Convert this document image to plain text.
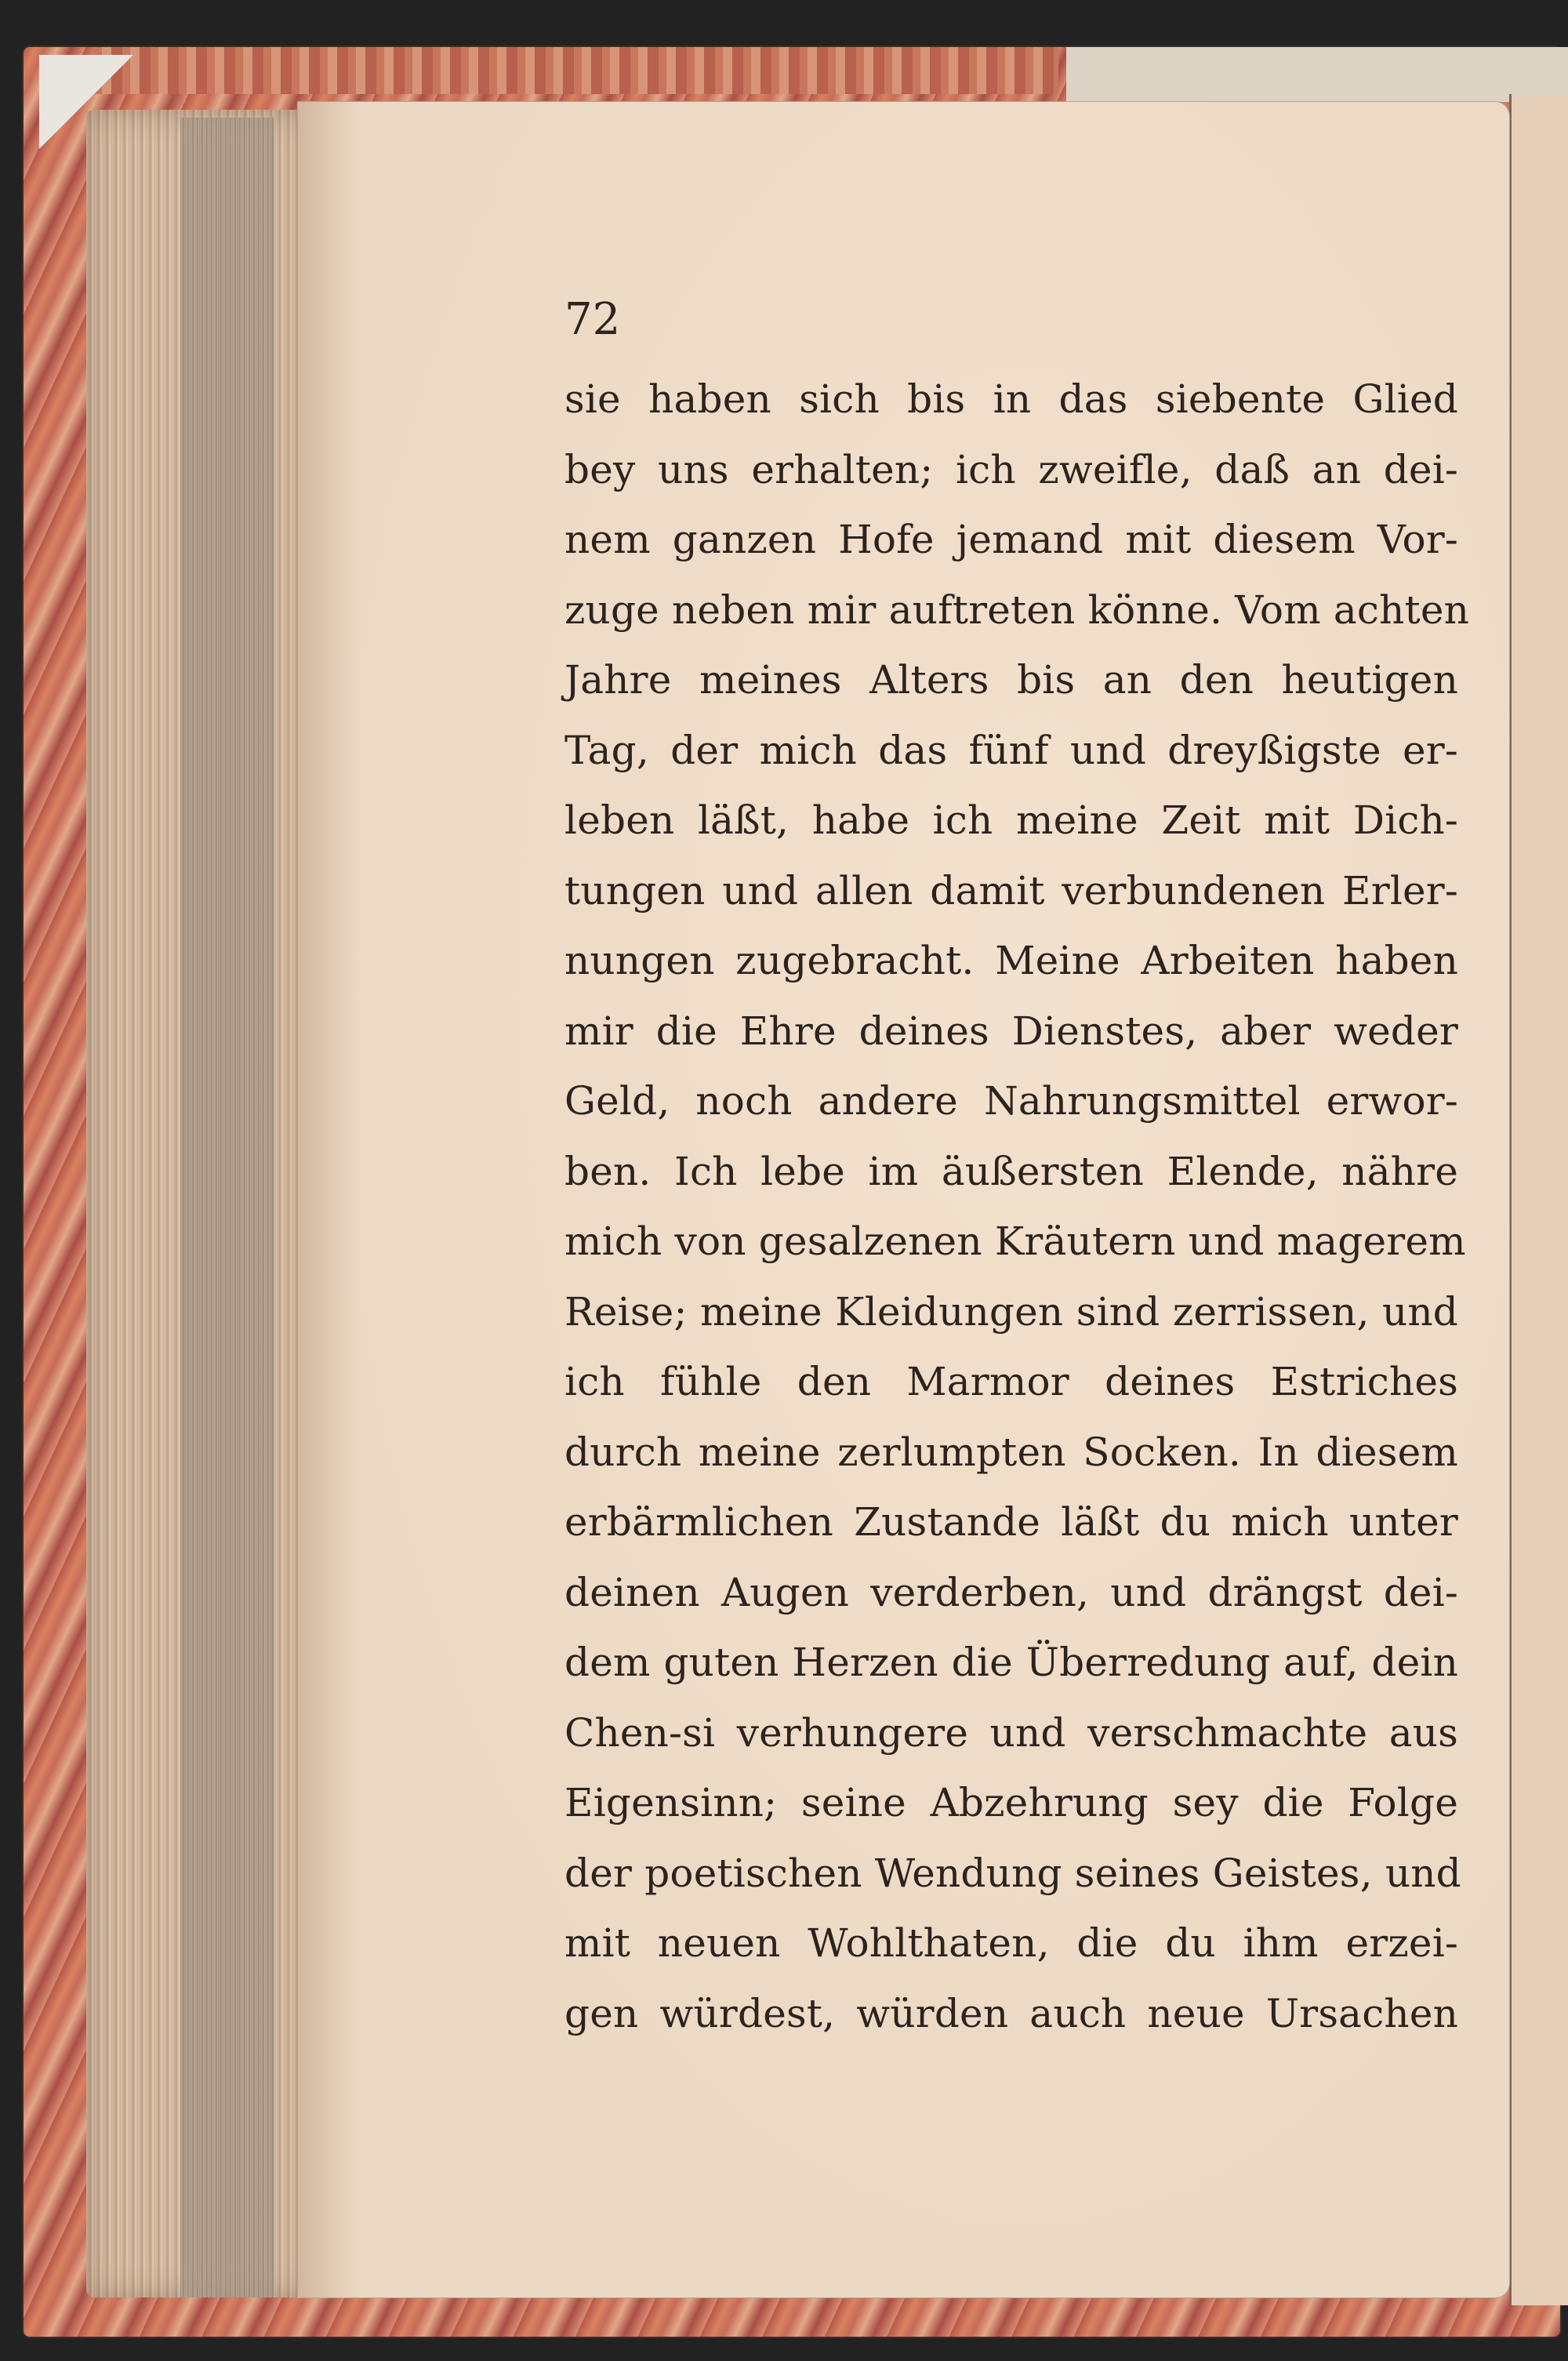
72
sie haben sich bis in das siebente Glied
bey uns erhalten; ich zweifle, daß an dei-
nem ganzen Hofe jemand mit diesem Vor-
zuge neben mir auftreten könne. Vom achten
Jahre meines Alters bis an den heutigen
Tag, der mich das fünf und dreyßigste er-
leben läßt, habe ich meine Zeit mit Dich-
tungen und allen damit verbundenen Erler-
nungen zugebracht. Meine Arbeiten haben
mir die Ehre deines Dienstes, aber weder
Geld, noch andere Nahrungsmittel erwor-
ben. Ich lebe im äußersten Elende, nähre
mich von gesalzenen Kräutern und magerem
Reise; meine Kleidungen sind zerrissen, und
ich fühle den Marmor deines Estriches
durch meine zerlumpten Socken. In diesem
erbärmlichen Zustande läßt du mich unter
deinen Augen verderben, und drängst dei-
dem guten Herzen die Überredung auf, dein
Chen-si verhungere und verschmachte aus
Eigensinn; seine Abzehrung sey die Folge
der poetischen Wendung seines Geistes, und
mit neuen Wohlthaten, die du ihm erzei-
gen würdest, würden auch neue Ursachen
